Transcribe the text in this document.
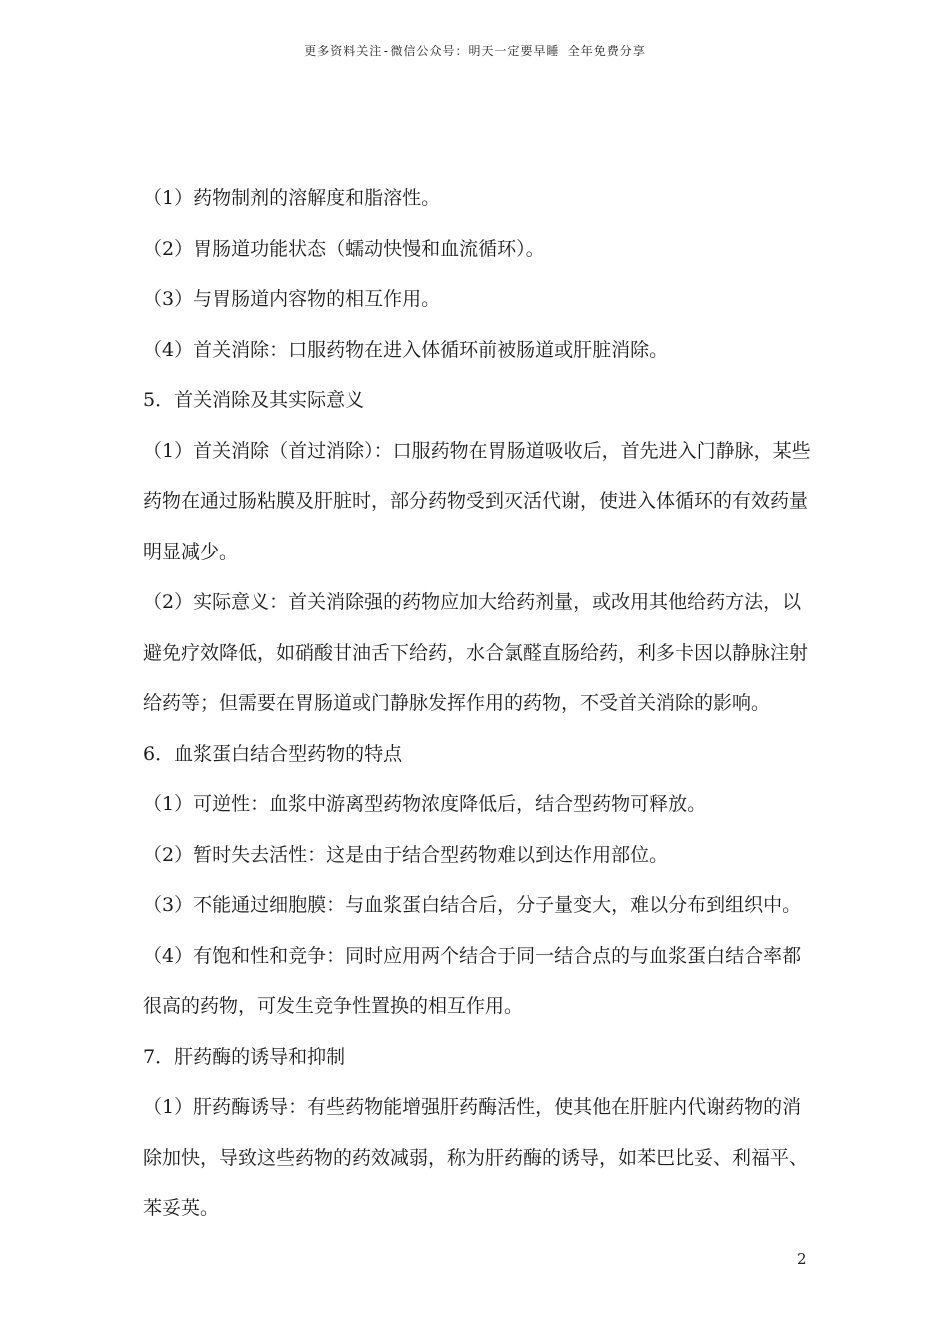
更多资料关注-微信公众号：明天一定要早睡 全年免费分享
（1）药物制剂的溶解度和脂溶性。
（2）胃肠道功能状态（蠕动快慢和血流循环）。
（3）与胃肠道内容物的相互作用。
（4）首关消除：口服药物在进入体循环前被肠道或肝脏消除。
5．首关消除及其实际意义
（1）首关消除（首过消除）：口服药物在胃肠道吸收后，首先进入门静脉，某些
药物在通过肠粘膜及肝脏时，部分药物受到灭活代谢，使进入体循环的有效药量
明显减少。
（2）实际意义：首关消除强的药物应加大给药剂量，或改用其他给药方法，以
避免疗效降低，如硝酸甘油舌下给药，水合氯醛直肠给药，利多卡因以静脉注射
给药等；但需要在胃肠道或门静脉发挥作用的药物，不受首关消除的影响。
6．血浆蛋白结合型药物的特点
（1）可逆性：血浆中游离型药物浓度降低后，结合型药物可释放。
（2）暂时失去活性：这是由于结合型药物难以到达作用部位。
（3）不能通过细胞膜：与血浆蛋白结合后，分子量变大，难以分布到组织中。
（4）有饱和性和竞争：同时应用两个结合于同一结合点的与血浆蛋白结合率都
很高的药物，可发生竞争性置换的相互作用。
7．肝药酶的诱导和抑制
（1）肝药酶诱导：有些药物能增强肝药酶活性，使其他在肝脏内代谢药物的消
除加快，导致这些药物的药效减弱，称为肝药酶的诱导，如苯巴比妥、利福平、
苯妥英。
2
